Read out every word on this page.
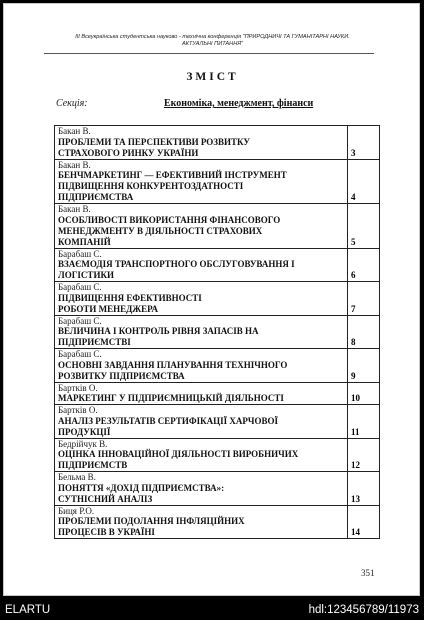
III Всеукраїнська студентська науково - технічна конференція "ПРИРОДНИЧІ ТА ГУМАНІТАРНІ НАУКИ.
АКТУАЛЬНІ ПИТАННЯ"
ЗМІСТ
Секція:	Економіка, менеджмент, фінанси
Бакан В.
ПРОБЛЕМИ ТА ПЕРСПЕКТИВИ РОЗВИТКУ
СТРАХОВОГО РИНКУ УКРАЇНИ	3

Бакан В.
БЕНЧМАРКЕТИНГ — ЕФЕКТИВНИЙ ІНСТРУМЕНТ
ПІДВИЩЕННЯ КОНКУРЕНТОЗДАТНОСТІ
ПІДПРИЄМСТВА	4

Бакан В.
ОСОБЛИВОСТІ ВИКОРИСТАННЯ ФІНАНСОВОГО
МЕНЕДЖМЕНТУ В ДІЯЛЬНОСТІ СТРАХОВИХ
КОМПАНІЙ	5

Барабаш С.
ВЗАЄМОДІЯ ТРАНСПОРТНОГО ОБСЛУГОВУВАННЯ І
ЛОГІСТИКИ	6

Барабаш С.
ПІДВИЩЕННЯ ЕФЕКТИВНОСТІ
РОБОТИ МЕНЕДЖЕРА	7

Барабаш С.
ВЕЛИЧИНА І КОНТРОЛЬ РІВНЯ ЗАПАСІВ НА
ПІДПРИЄМСТВІ	8

Барабаш С.
ОСНОВНІ ЗАВДАННЯ ПЛАНУВАННЯ ТЕХНІЧНОГО
РОЗВИТКУ ПІДПРИЄМСТВА	9

Бартків О.
МАРКЕТИНГ У ПІДПРИЄМНИЦЬКІЙ ДІЯЛЬНОСТІ	10

Бартків О.
АНАЛІЗ РЕЗУЛЬТАТІВ СЕРТИФІКАЦІЇ ХАРЧОВОЇ
ПРОДУКЦІЇ	11

Бедрійчук В.
ОЦІНКА ІННОВАЦІЙНОЇ ДІЯЛЬНОСТІ ВИРОБНИЧИХ
ПІДПРИЄМСТВ	12

Бельма В.
ПОНЯТТЯ «ДОХІД ПІДПРИЄМСТВА»:
СУТНІСНИЙ АНАЛІЗ	13

Биця Р.О.
ПРОБЛЕМИ ПОДОЛАННЯ ІНФЛЯЦІЙНИХ
ПРОЦЕСІВ В УКРАЇНІ	14
351
ELARTU	hdl:123456789/11973
